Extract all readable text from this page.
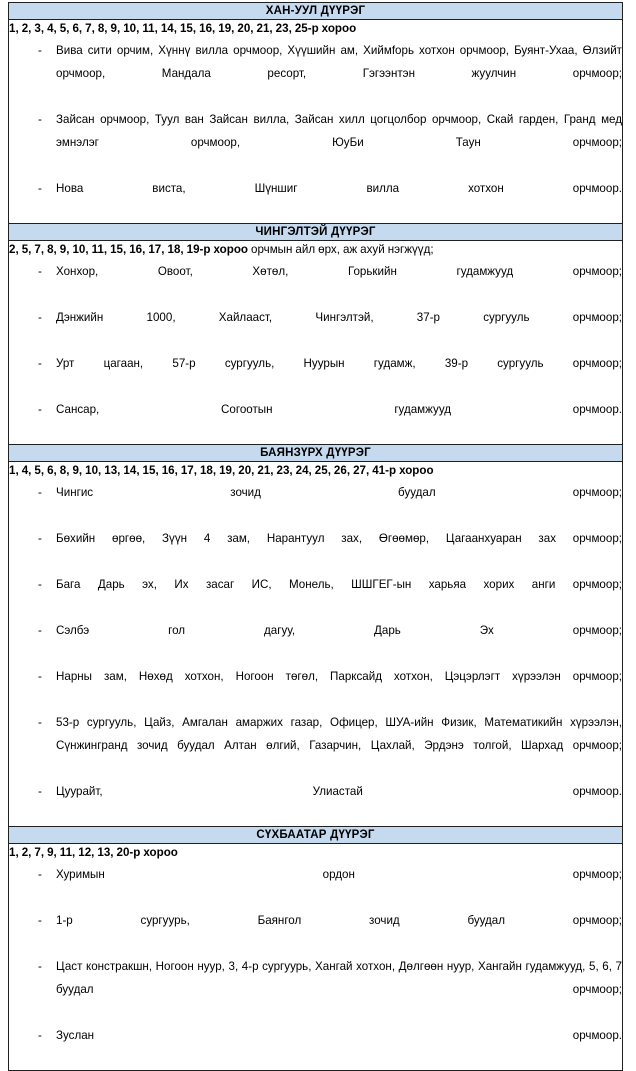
ХАН-УУЛ ДҮҮРЭГ

1, 2, 3, 4, 5, 6, 7, 8, 9, 10, 11, 14, 15, 16, 19, 20, 21, 23, 25-р хороо

-	Вива сити орчим, Хүннү вилла орчмоор, Хүүшийн ам, Хиймfорь хотхон орчмоор, Буянт-Ухаа, Өлзийт орчмоор, Мандала ресорт, Гэгээнтэн жуулчин орчмоор;
-	Зайсан орчмоор, Туул ван Зайсан вилла, Зайсан хилл цогцолбор орчмоор, Скай гарден, Гранд мед эмнэлэг орчмоор, ЮуБи Таун орчмоор;
-	Нова виста, Шүншиг вилла хотхон орчмоор.

ЧИНГЭЛТЭЙ ДҮҮРЭГ

2, 5, 7, 8, 9, 10, 11, 15, 16, 17, 18, 19-р хороо орчмын айл өрх, аж ахуй нэгжүүд;

-	Хонхор, Овоот, Хөтөл, Горькийн гудамжууд орчмоор;
-	Дэнжийн 1000, Хайлааст, Чингэлтэй, 37-р сургууль орчмоор;
-	Урт цагаан, 57-р сургууль, Нуурын гудамж, 39-р сургууль орчмоор;
-	Сансар, Согоотын гудамжууд орчмоор.

БАЯНЗҮРХ ДҮҮРЭГ

1, 4, 5, 6, 8, 9, 10, 13, 14, 15, 16, 17, 18, 19, 20, 21, 23, 24, 25, 26, 27, 41-р хороо

-	Чингис зочид буудал орчмоор;
-	Бөхийн өргөө, Зүүн 4 зам, Нарантуул зах, Өгөөмөр, Цагаанхуаран зах орчмоор;
-	Бага Дарь эх, Их засаг ИС, Монель, ШШГЕГ-ын харьяа хорих анги орчмоор;
-	Сэлбэ гол дагуу, Дарь Эх орчмоор;
-	Нарны зам, Нөхөд хотхон, Ногоон төгөл, Парксайд хотхон, Цэцэрлэгт хүрээлэн орчмоор;
-	53-р сургууль, Цайз, Амгалан амаржих газар, Офицер, ШУА-ийн Физик, Математикийн хүрээлэн, Сүнжингранд зочид буудал Алтан өлгий, Газарчин, Цахлай, Эрдэнэ толгой, Шархад орчмоор;
-	Цуурайт, Улиастай орчмоор.

СҮХБААТАР ДҮҮРЭГ

1, 2, 7, 9, 11, 12, 13, 20-р хороо

-	Хуримын ордон орчмоор;
-	1-р сургуурь, Баянгол зочид буудал орчмоор;
-	Цаст констракшн, Ногоон нуур, 3, 4-р сургуурь, Хангай хотхон, Дөлгөөн нуур, Хангайн гудамжууд, 5, 6, 7 буудал орчмоор;
-	Зуслан орчмоор.
